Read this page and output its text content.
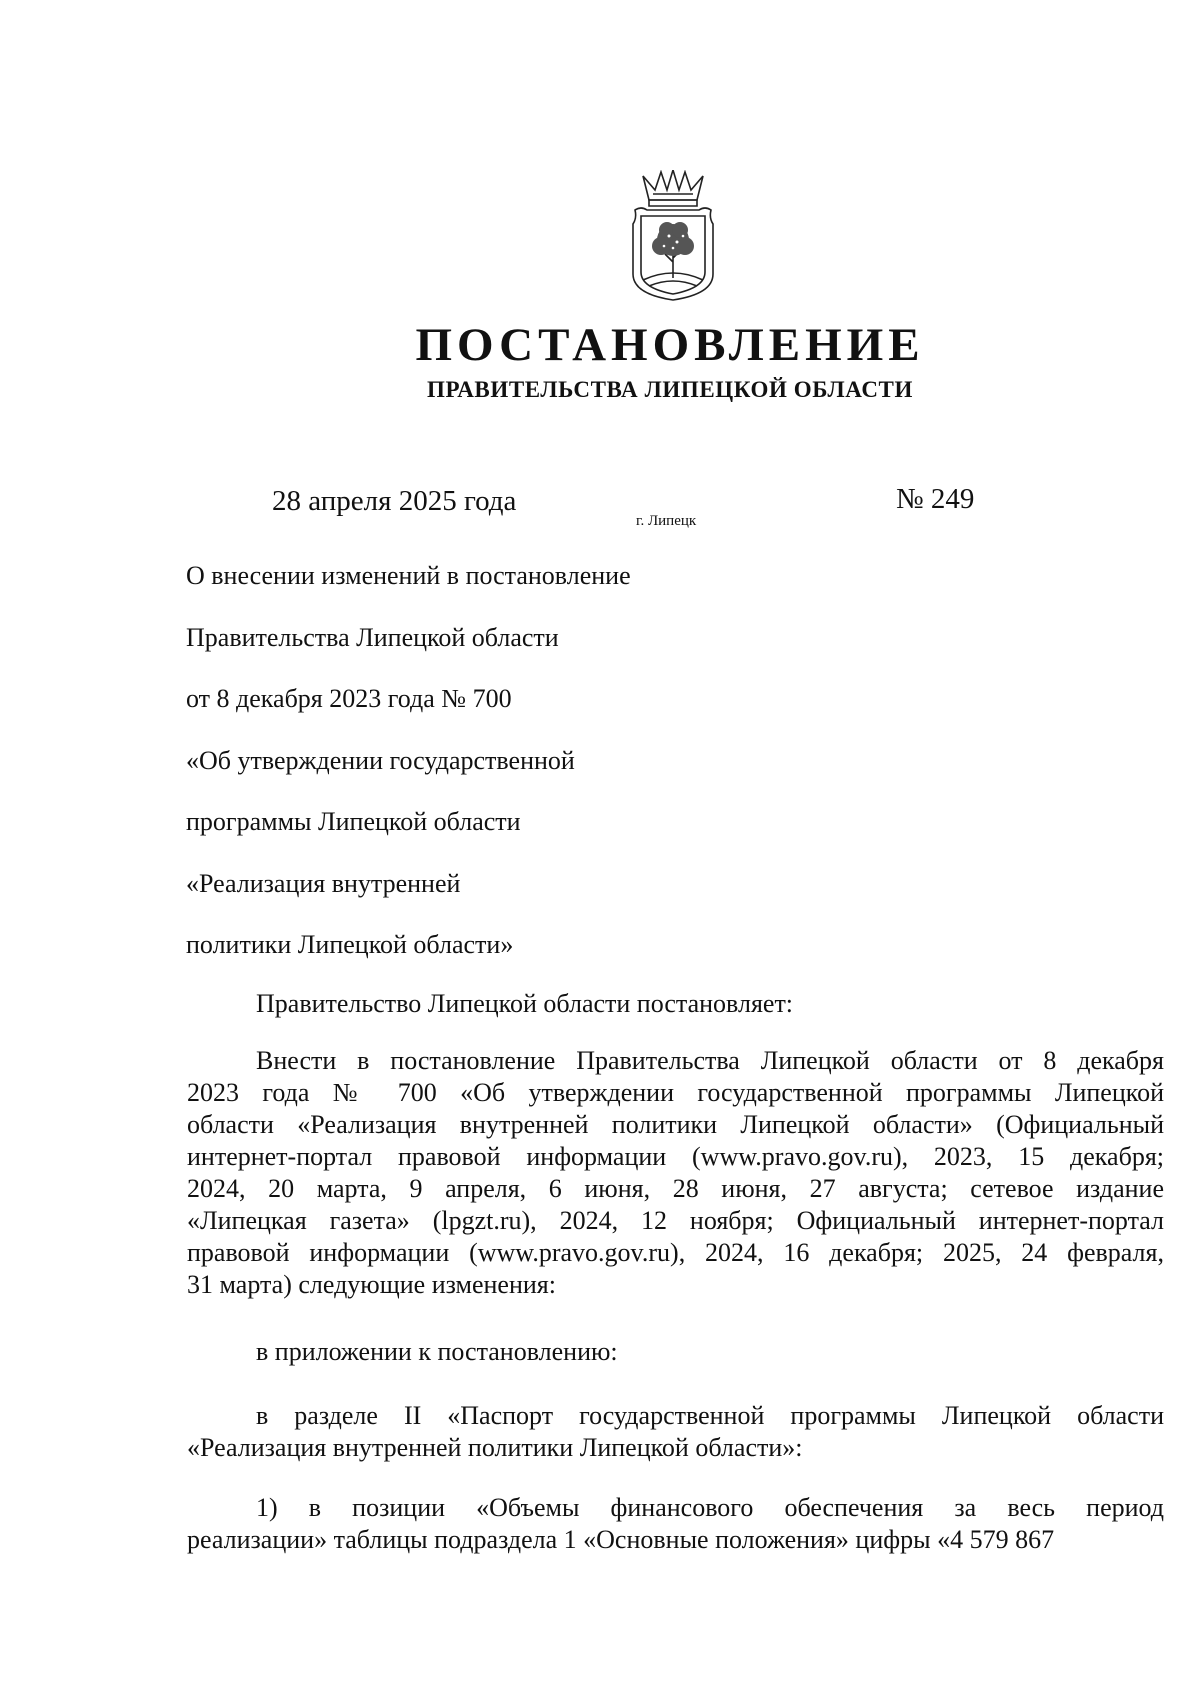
ПОСТАНОВЛЕНИЕ
ПРАВИТЕЛЬСТВА ЛИПЕЦКОЙ ОБЛАСТИ
28 апреля 2025 года
г. Липецк
№ 249
О внесении изменений в постановление
Правительства Липецкой области
от 8 декабря 2023 года № 700
«Об утверждении государственной
программы Липецкой области
«Реализация внутренней
политики Липецкой области»
Правительство Липецкой области постановляет:
Внести в постановление Правительства Липецкой области от 8 декабря
2023 года № 700 «Об утверждении государственной программы Липецкой
области «Реализация внутренней политики Липецкой области» (Официальный
интернет-портал правовой информации (www.pravo.gov.ru), 2023, 15 декабря;
2024, 20 марта, 9 апреля, 6 июня, 28 июня, 27 августа; сетевое издание
«Липецкая газета» (lpgzt.ru), 2024, 12 ноября; Официальный интернет-портал
правовой информации (www.pravo.gov.ru), 2024, 16 декабря; 2025, 24 февраля,
31 марта) следующие изменения:
в приложении к постановлению:
в разделе II «Паспорт государственной программы Липецкой области
«Реализация внутренней политики Липецкой области»:
1) в позиции «Объемы финансового обеспечения за весь период
реализации» таблицы подраздела 1 «Основные положения» цифры «4 579 867
